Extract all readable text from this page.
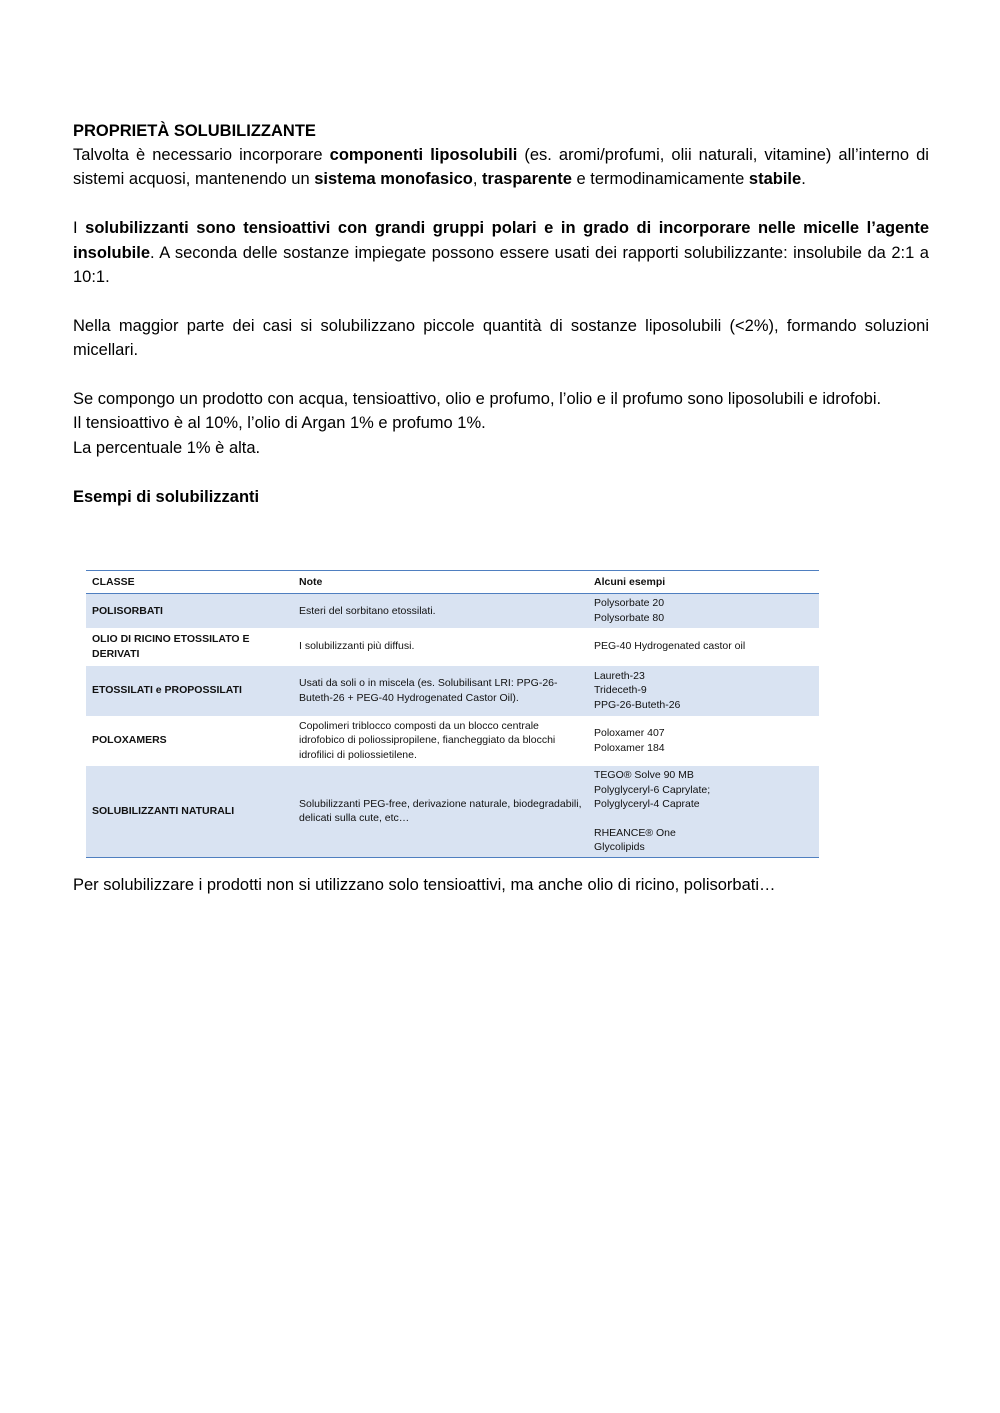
PROPRIETÀ SOLUBILIZZANTE

Talvolta è necessario incorporare componenti liposolubili (es. aromi/profumi, olii naturali, vitamine) all’interno di sistemi acquosi, mantenendo un sistema monofasico, trasparente e termodinamicamente stabile.

I solubilizzanti sono tensioattivi con grandi gruppi polari e in grado di incorporare nelle micelle l’agente insolubile. A seconda delle sostanze impiegate possono essere usati dei rapporti solubilizzante: insolubile da 2:1 a 10:1.

Nella maggior parte dei casi si solubilizzano piccole quantità di sostanze liposolubili (<2%), formando soluzioni micellari.

Se compongo un prodotto con acqua, tensioattivo, olio e profumo, l’olio e il profumo sono liposolubili e idrofobi.

Il tensioattivo è al 10%, l’olio di Argan 1% e profumo 1%.

La percentuale 1% è alta.

Esempi di solubilizzanti

CLASSE	Note	Alcuni esempi
POLISORBATI	Esteri del sorbitano etossilati.	Polysorbate 20
Polysorbate 80

OLIO DI RICINO ETOSSILATO E DERIVATI	I solubilizzanti più diffusi.	PEG-40 Hydrogenated castor oil

ETOSSILATI e PROPOSSILATI	Usati da soli o in miscela (es. Solubilisant LRI: PPG-26-Buteth-26 + PEG-40 Hydrogenated Castor Oil).	Laureth-23
Trideceth-9
PPG-26-Buteth-26

POLOXAMERS	Copolimeri triblocco composti da un blocco centrale idrofobico di poliossipropilene, fiancheggiato da blocchi idrofilici di poliossietilene.	Poloxamer 407
Poloxamer 184

SOLUBILIZZANTI NATURALI	Solubilizzanti PEG-free, derivazione naturale, biodegradabili, delicati sulla cute, etc…	TEGO® Solve 90 MB
Polyglyceryl-6 Caprylate;
Polyglyceryl-4 Caprate
RHEANCE® One
Glycolipids

Per solubilizzare i prodotti non si utilizzano solo tensioattivi, ma anche olio di ricino, polisorbati…
